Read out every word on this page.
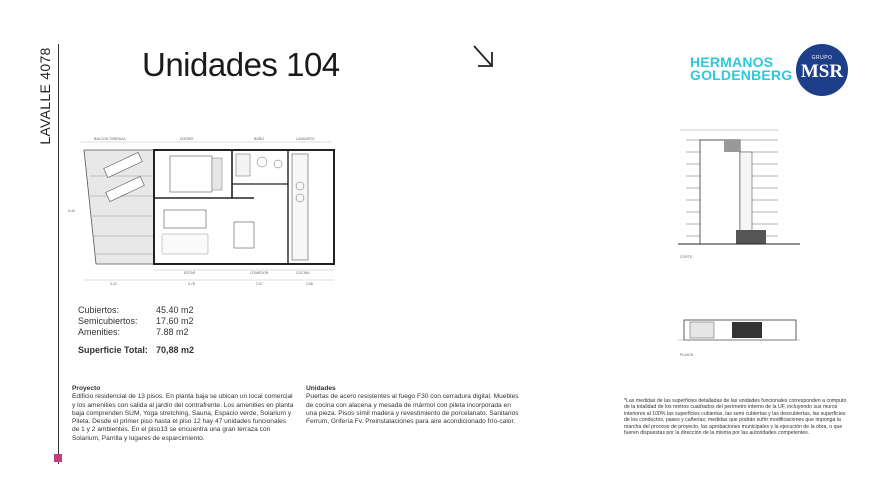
LAVALLE 4078	Unidades 104	HERMANOS
GOLDENBERG
GRUPO
MSR
BALCON TERRAZA	DORMIT	BAÑO	LAVADERO
ESTAR	COMEDOR	COCINA
5,40
3,42	5,78	2,57	2,58
Cubiertos:	45.40 m2
Semicubiertos:	17.60 m2
Amenities:	7.88 m2
Superficie Total: 70,88 m2
Proyecto
Edificio residencial de 13 pisos. En planta baja se ubican un local comercial y los amenities con salida al jardín del contrafrente. Los amenities en planta baja comprenden SUM, Yoga stretching, Sauna, Espacio verde, Solarium y Pileta. Desde el primer piso hasta el piso 12 hay 47 unidades funcionales de 1 y 2 ambientes. En el piso13 se encuentra una gran terraza con Solarium, Parrilla y lugares de esparcimiento.
Unidades
Puertas de acero resistentes al fuego F30 con cerradura digital. Muebles de cocina con alacena y mesada de mármol con pileta incorporada en una pieza. Pisos símil madera y revestimiento de porcelanato. Sanitarios Ferrum, Grifería Fv. Preinstalaciones para aire acondicionado frío-calor.
CORTE
PLANTA
*Las medidas de las superficies detalladas de las unidades funcionales corresponden a computo de la totalidad de los metros cuadrados del perímetro interno de la UF, incluyendo sus muros interiores al 100% las superficies cubiertas, las semi cubiertas y las descubiertas, las superficies de los conductos, pases y cañerías; medidas que podrán sufrir modificaciones que imponga la marcha del proceso de proyecto, las aprobaciones municipales y la ejecución de la obra, o que fueren dispuestas por la dirección de la misma por las autoridades competentes.
